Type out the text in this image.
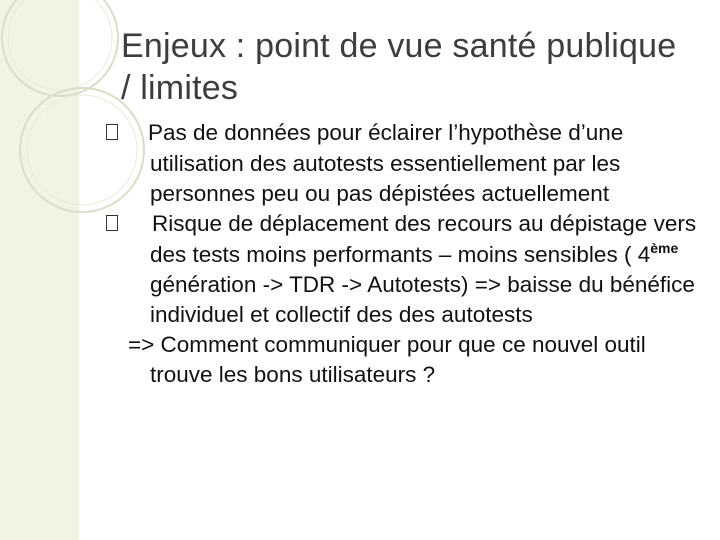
Enjeux : point de vue santé publique / limites

Pas de données pour éclairer l’hypothèse d’une utilisation des autotests essentiellement par les personnes peu ou pas dépistées actuellement

Risque de déplacement des recours au dépistage vers des tests moins performants – moins sensibles ( 4ème génération -> TDR -> Autotests) => baisse du bénéfice individuel et collectif des des autotests

=> Comment communiquer pour que ce nouvel outil trouve les bons utilisateurs ?
